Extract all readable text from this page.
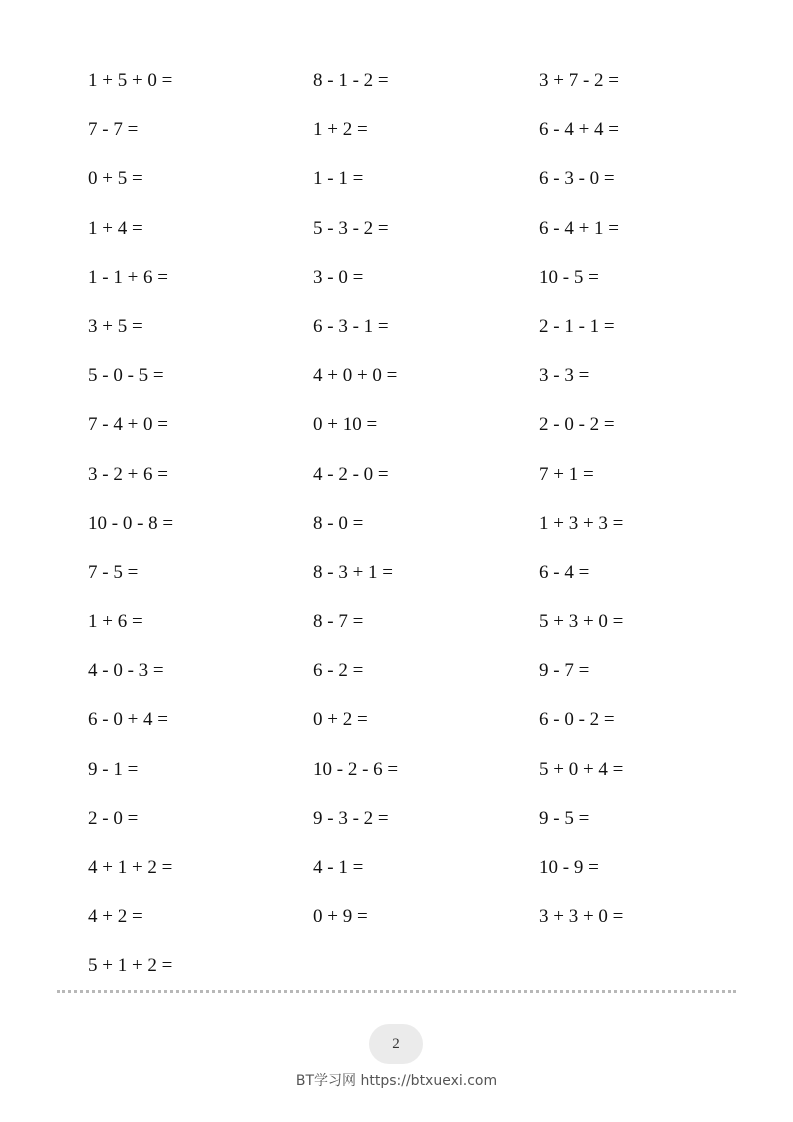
1 + 5 + 0 =	8 - 1 - 2 =	3 + 7 - 2 =
7 - 7 =	1 + 2 =	6 - 4 + 4 =
0 + 5 =	1 - 1 =	6 - 3 - 0 =
1 + 4 =	5 - 3 - 2 =	6 - 4 + 1 =
1 - 1 + 6 =	3 - 0 =	10 - 5 =
3 + 5 =	6 - 3 - 1 =	2 - 1 - 1 =
5 - 0 - 5 =	4 + 0 + 0 =	3 - 3 =
7 - 4 + 0 =	0 + 10 =	2 - 0 - 2 =
3 - 2 + 6 =	4 - 2 - 0 =	7 + 1 =
10 - 0 - 8 =	8 - 0 =	1 + 3 + 3 =
7 - 5 =	8 - 3 + 1 =	6 - 4 =
1 + 6 =	8 - 7 =	5 + 3 + 0 =
4 - 0 - 3 =	6 - 2 =	9 - 7 =
6 - 0 + 4 =	0 + 2 =	6 - 0 - 2 =
9 - 1 =	10 - 2 - 6 =	5 + 0 + 4 =
2 - 0 =	9 - 3 - 2 =	9 - 5 =
4 + 1 + 2 =	4 - 1 =	10 - 9 =
4 + 2 =	0 + 9 =	3 + 3 + 0 =
5 + 1 + 2 =
2
BT学习网 https://btxuexi.com
